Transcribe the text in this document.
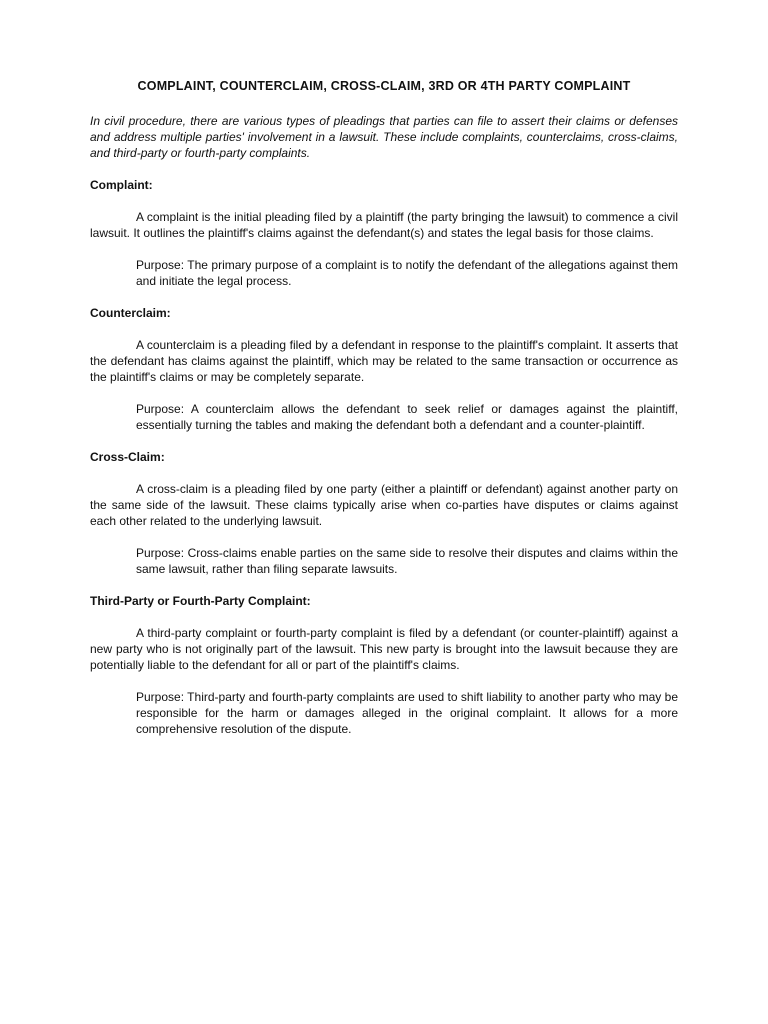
COMPLAINT, COUNTERCLAIM, CROSS-CLAIM, 3RD OR 4TH PARTY COMPLAINT

In civil procedure, there are various types of pleadings that parties can file to assert their claims or defenses and address multiple parties' involvement in a lawsuit. These include complaints, counterclaims, cross-claims, and third-party or fourth-party complaints.

Complaint:

A complaint is the initial pleading filed by a plaintiff (the party bringing the lawsuit) to commence a civil lawsuit. It outlines the plaintiff's claims against the defendant(s) and states the legal basis for those claims.

Purpose: The primary purpose of a complaint is to notify the defendant of the allegations against them and initiate the legal process.

Counterclaim:

A counterclaim is a pleading filed by a defendant in response to the plaintiff's complaint. It asserts that the defendant has claims against the plaintiff, which may be related to the same transaction or occurrence as the plaintiff's claims or may be completely separate.

Purpose: A counterclaim allows the defendant to seek relief or damages against the plaintiff, essentially turning the tables and making the defendant both a defendant and a counter-plaintiff.

Cross-Claim:

A cross-claim is a pleading filed by one party (either a plaintiff or defendant) against another party on the same side of the lawsuit. These claims typically arise when co-parties have disputes or claims against each other related to the underlying lawsuit.

Purpose: Cross-claims enable parties on the same side to resolve their disputes and claims within the same lawsuit, rather than filing separate lawsuits.

Third-Party or Fourth-Party Complaint:

A third-party complaint or fourth-party complaint is filed by a defendant (or counter-plaintiff) against a new party who is not originally part of the lawsuit. This new party is brought into the lawsuit because they are potentially liable to the defendant for all or part of the plaintiff's claims.

Purpose: Third-party and fourth-party complaints are used to shift liability to another party who may be responsible for the harm or damages alleged in the original complaint. It allows for a more comprehensive resolution of the dispute.
